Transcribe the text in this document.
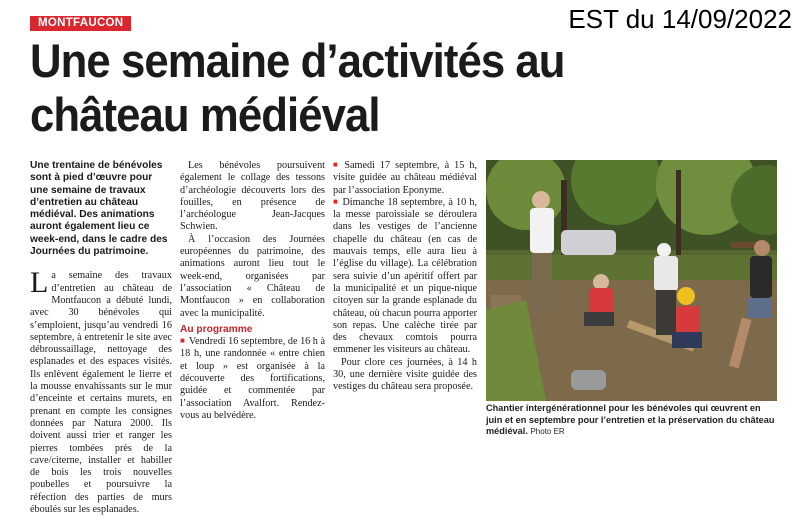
MONTFAUCON	EST du 14/09/2022
Une semaine d’activités au château médiéval

Une trentaine de bénévoles sont à pied d’œuvre pour une semaine de travaux d’entretien au château médiéval. Des animations auront également lieu ce week-end, dans le cadre des Journées du patrimoine.

La semaine des travaux d’entretien au château de Montfaucon a débuté lundi, avec 30 bénévoles qui s’emploient, jusqu’au vendredi 16 septembre, à entretenir le site avec débroussaillage, nettoyage des esplanades et des espaces visités. Ils enlèvent également le lierre et la mousse envahissants sur le mur d’enceinte et certains murets, en prenant en compte les consignes données par Natura 2000. Ils doivent aussi trier et ranger les pierres tombées près de la cave/citerne, installer et habiller de bois les trois nouvelles poubelles et poursuivre la réfection des parties de murs éboulés sur les esplanades.

Les bénévoles poursuivent également le collage des tessons d’archéologie découverts lors des fouilles, en présence de l’archéologue Jean-Jacques Schwien.

À l’occasion des Journées européennes du patrimoine, des animations auront lieu tout le week-end, organisées par l’association « Château de Montfaucon » en collaboration avec la municipalité.

Au programme

■ Vendredi 16 septembre, de 16 h à 18 h, une randonnée « entre chien et loup » est organisée à la découverte des fortifications, guidée et commentée par l’association Avalfort. Rendez-vous au belvédère.

■ Samedi 17 septembre, à 15 h, visite guidée au château médiéval par l’association Eponyme.

■ Dimanche 18 septembre, à 10 h, la messe paroissiale se déroulera dans les vestiges de l’ancienne chapelle du château (en cas de mauvais temps, elle aura lieu à l’église du village). La célébration sera suivie d’un apéritif offert par la municipalité et un pique-nique citoyen sur la grande esplanade du château, où chacun pourra apporter son repas. Une calèche tirée par des chevaux comtois pourra emmener les visiteurs au château.

Pour clore ces journées, à 14 h 30, une dernière visite guidée des vestiges du château sera proposée.

Chantier intergénérationnel pour les bénévoles qui œuvrent en juin et en septembre pour l’entretien et la préservation du château médiéval. Photo ER
